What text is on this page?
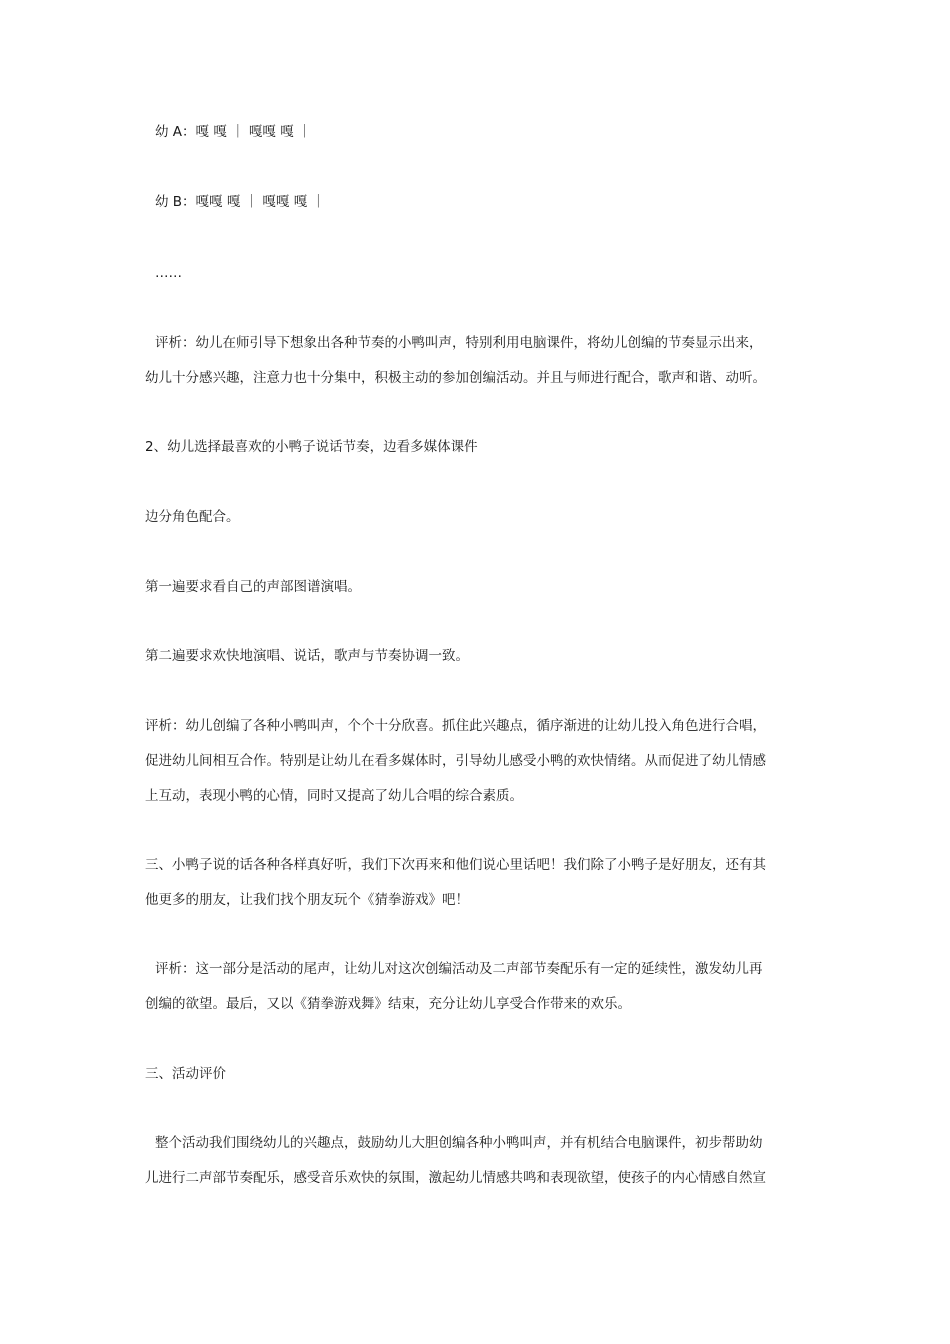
幼 A：嘎 嘎 ｜ 嘎嘎 嘎 ｜
幼 B：嘎嘎 嘎 ｜ 嘎嘎 嘎 ｜
……
评析：幼儿在师引导下想象出各种节奏的小鸭叫声，特别利用电脑课件，将幼儿创编的节奏显示出来，
幼儿十分感兴趣，注意力也十分集中，积极主动的参加创编活动。并且与师进行配合，歌声和谐、动听。
2、幼儿选择最喜欢的小鸭子说话节奏，边看多媒体课件
边分角色配合。
第一遍要求看自己的声部图谱演唱。
第二遍要求欢快地演唱、说话，歌声与节奏协调一致。
评析：幼儿创编了各种小鸭叫声，个个十分欣喜。抓住此兴趣点，循序渐进的让幼儿投入角色进行合唱，
促进幼儿间相互合作。特别是让幼儿在看多媒体时，引导幼儿感受小鸭的欢快情绪。从而促进了幼儿情感
上互动，表现小鸭的心情，同时又提高了幼儿合唱的综合素质。
三、小鸭子说的话各种各样真好听，我们下次再来和他们说心里话吧！我们除了小鸭子是好朋友，还有其
他更多的朋友，让我们找个朋友玩个《猜拳游戏》吧！
评析：这一部分是活动的尾声，让幼儿对这次创编活动及二声部节奏配乐有一定的延续性，激发幼儿再
创编的欲望。最后，又以《猜拳游戏舞》结束，充分让幼儿享受合作带来的欢乐。
三、活动评价
整个活动我们围绕幼儿的兴趣点，鼓励幼儿大胆创编各种小鸭叫声，并有机结合电脑课件，初步帮助幼
儿进行二声部节奏配乐，感受音乐欢快的氛围，激起幼儿情感共鸣和表现欲望，使孩子的内心情感自然宣
